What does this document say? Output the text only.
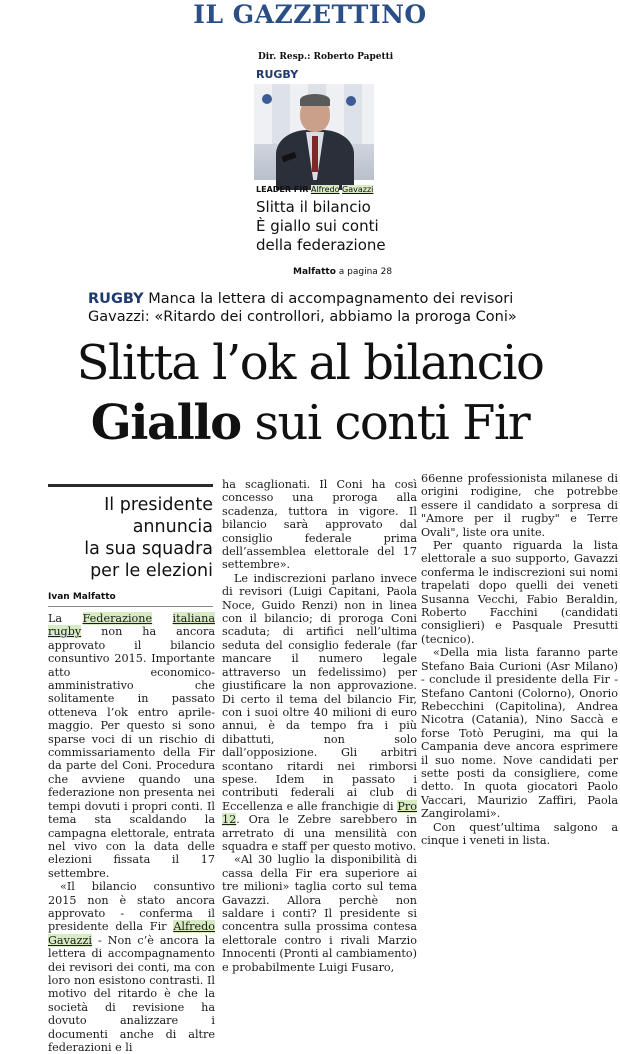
IL GAZZETTINO
Dir. Resp.: Roberto Papetti
RUGBY
LEADER FIR Alfredo Gavazzi
Slitta il bilancio
È giallo sui conti
della federazione
Malfatto a pagina 28
RUGBY Manca la lettera di accompagnamento dei revisori
Gavazzi: «Ritardo dei controllori, abbiamo la proroga Coni»
Slitta l’ok al bilancio
Giallo sui conti Fir
Il presidente
annuncia
la sua squadra
per le elezioni
Ivan Malfatto

La Federazione italiana rugby non ha ancora approvato il bilancio consuntivo 2015. Importante atto economico-amministrativo che solitamente in passato otteneva l’ok entro aprile-maggio. Per questo si sono sparse voci di un rischio di commissariamento della Fir da parte del Coni. Procedura che avviene quando una federazione non presenta nei tempi dovuti i propri conti. Il tema sta scaldando la campagna elettorale, entrata nel vivo con la data delle elezioni fissata il 17 settembre.

«Il bilancio consuntivo 2015 non è stato ancora approvato - conferma il presidente della Fir Alfredo Gavazzi - Non c’è ancora la lettera di accompagnamento dei revisori dei conti, ma con loro non esistono contrasti. Il motivo del ritardo è che la società di revisione ha dovuto analizzare i documenti anche di altre federazioni e li

ha scaglionati. Il Coni ha così concesso una proroga alla scadenza, tuttora in vigore. Il bilancio sarà approvato dal consiglio federale prima dell’assemblea elettorale del 17 settembre».

Le indiscrezioni parlano invece di revisori (Luigi Capitani, Paola Noce, Guido Renzi) non in linea con il bilancio; di proroga Coni scaduta; di artifici nell’ultima seduta del consiglio federale (far mancare il numero legale attraverso un fedelissimo) per giustificare la non approvazione. Di certo il tema del bilancio Fir, con i suoi oltre 40 milioni di euro annui, è da tempo fra i più dibattuti, non solo dall’opposizione. Gli arbitri scontano ritardi nei rimborsi spese. Idem in passato i contributi federali ai club di Eccellenza e alle franchigie di Pro 12. Ora le Zebre sarebbero in arretrato di una mensilità con squadra e staff per questo motivo.

«Al 30 luglio la disponibilità di cassa della Fir era superiore ai tre milioni» taglia corto sul tema Gavazzi. Allora perchè non saldare i conti? Il presidente si concentra sulla prossima contesa elettorale contro i rivali Marzio Innocenti (Pronti al cambiamento) e probabilmente Luigi Fusaro,

66enne professionista milanese di origini rodigine, che potrebbe essere il candidato a sorpresa di "Amore per il rugby" e Terre Ovali", liste ora unite.

Per quanto riguarda la lista elettorale a suo supporto, Gavazzi conferma le indiscrezioni sui nomi trapelati dopo quelli dei veneti Susanna Vecchi, Fabio Beraldin, Roberto Facchini (candidati consiglieri) e Pasquale Presutti (tecnico).

«Della mia lista faranno parte Stefano Baia Curioni (Asr Milano) - conclude il presidente della Fir - Stefano Cantoni (Colorno), Onorio Rebecchini (Capitolina), Andrea Nicotra (Catania), Nino Saccà e forse Totò Perugini, ma qui la Campania deve ancora esprimere il suo nome. Nove candidati per sette posti da consigliere, come detto. In quota giocatori Paolo Vaccari, Maurizio Zaffiri, Paola Zangirolami».

Con quest’ultima salgono a cinque i veneti in lista.
